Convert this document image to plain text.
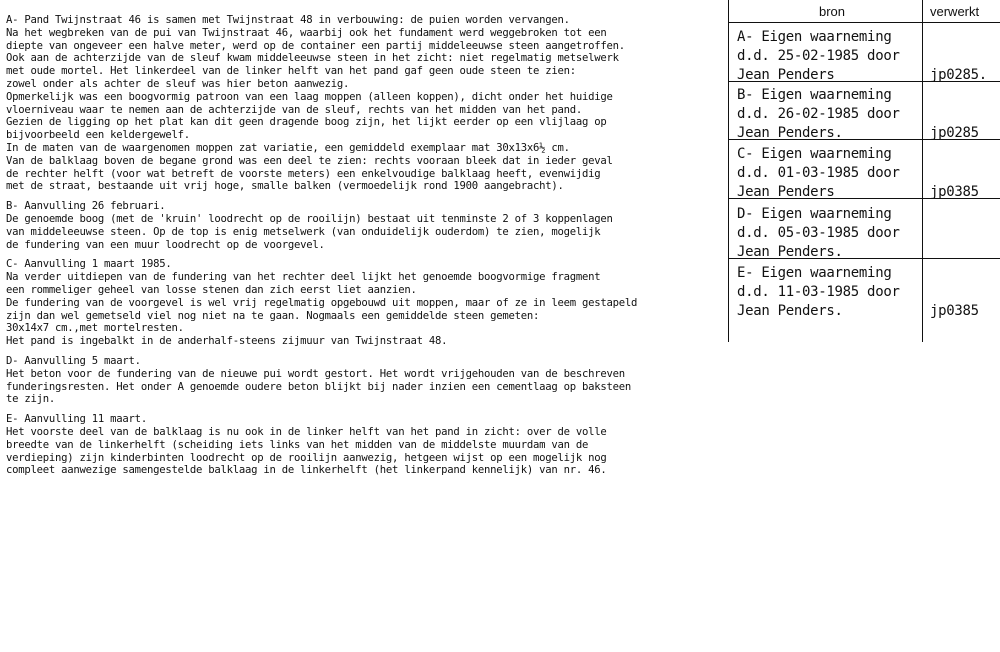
A- Pand Twijnstraat 46 is samen met Twijnstraat 48 in verbouwing: de puien worden vervangen.
Na het wegbreken van de pui van Twijnstraat 46, waarbij ook het fundament werd weggebroken tot een
diepte van ongeveer een halve meter, werd op de container een partij middeleeuwse steen aangetroffen.
Ook aan de achterzijde van de sleuf kwam middeleeuwse steen in het zicht: niet regelmatig metselwerk
met oude mortel. Het linkerdeel van de linker helft van het pand gaf geen oude steen te zien:
zowel onder als achter de sleuf was hier beton aanwezig.
Opmerkelijk was een boogvormig patroon van een laag moppen (alleen koppen), dicht onder het huidige
vloerniveau waar te nemen aan de achterzijde van de sleuf, rechts van het midden van het pand.
Gezien de ligging op het plat kan dit geen dragende boog zijn, het lijkt eerder op een vlijlaag op
bijvoorbeeld een keldergewelf.
In de maten van de waargenomen moppen zat variatie, een gemiddeld exemplaar mat 30x13x6½ cm.
Van de balklaag boven de begane grond was een deel te zien: rechts vooraan bleek dat in ieder geval
de rechter helft (voor wat betreft de voorste meters) een enkelvoudige balklaag heeft, evenwijdig
met de straat, bestaande uit vrij hoge, smalle balken (vermoedelijk rond 1900 aangebracht).
B- Aanvulling 26 februari.
De genoemde boog (met de 'kruin' loodrecht op de rooilijn) bestaat uit tenminste 2 of 3 koppenlagen
van middeleeuwse steen. Op de top is enig metselwerk (van onduidelijk ouderdom) te zien, mogelijk
de fundering van een muur loodrecht op de voorgevel.
C- Aanvulling 1 maart 1985.
Na verder uitdiepen van de fundering van het rechter deel lijkt het genoemde boogvormige fragment
een rommeliger geheel van losse stenen dan zich eerst liet aanzien.
De fundering van de voorgevel is wel vrij regelmatig opgebouwd uit moppen, maar of ze in leem gestapeld
zijn dan wel gemetseld viel nog niet na te gaan. Nogmaals een gemiddelde steen gemeten:
30x14x7 cm.,met mortelresten.
Het pand is ingebalkt in de anderhalf-steens zijmuur van Twijnstraat 48.
D- Aanvulling 5 maart.
Het beton voor de fundering van de nieuwe pui wordt gestort. Het wordt vrijgehouden van de beschreven
funderingsresten. Het onder A genoemde oudere beton blijkt bij nader inzien een cementlaag op baksteen
te zijn.
E- Aanvulling 11 maart.
Het voorste deel van de balklaag is nu ook in de linker helft van het pand in zicht: over de volle
breedte van de linkerhelft (scheiding iets links van het midden van de middelste muurdam van de
verdieping) zijn kinderbinten loodrecht op de rooilijn aanwezig, hetgeen wijst op een mogelijk nog
compleet aanwezige samengestelde balklaag in de linkerhelft (het linkerpand kennelijk) van nr. 46.
bron	verwerkt
A- Eigen waarneming
d.d. 25-02-1985 door
Jean Penders	jp0285.
B- Eigen waarneming
d.d. 26-02-1985 door
Jean Penders.	jp0285
C- Eigen waarneming
d.d. 01-03-1985 door
Jean Penders	jp0385
D- Eigen waarneming
d.d. 05-03-1985 door
Jean Penders.
E- Eigen waarneming
d.d. 11-03-1985 door
Jean Penders.	jp0385
